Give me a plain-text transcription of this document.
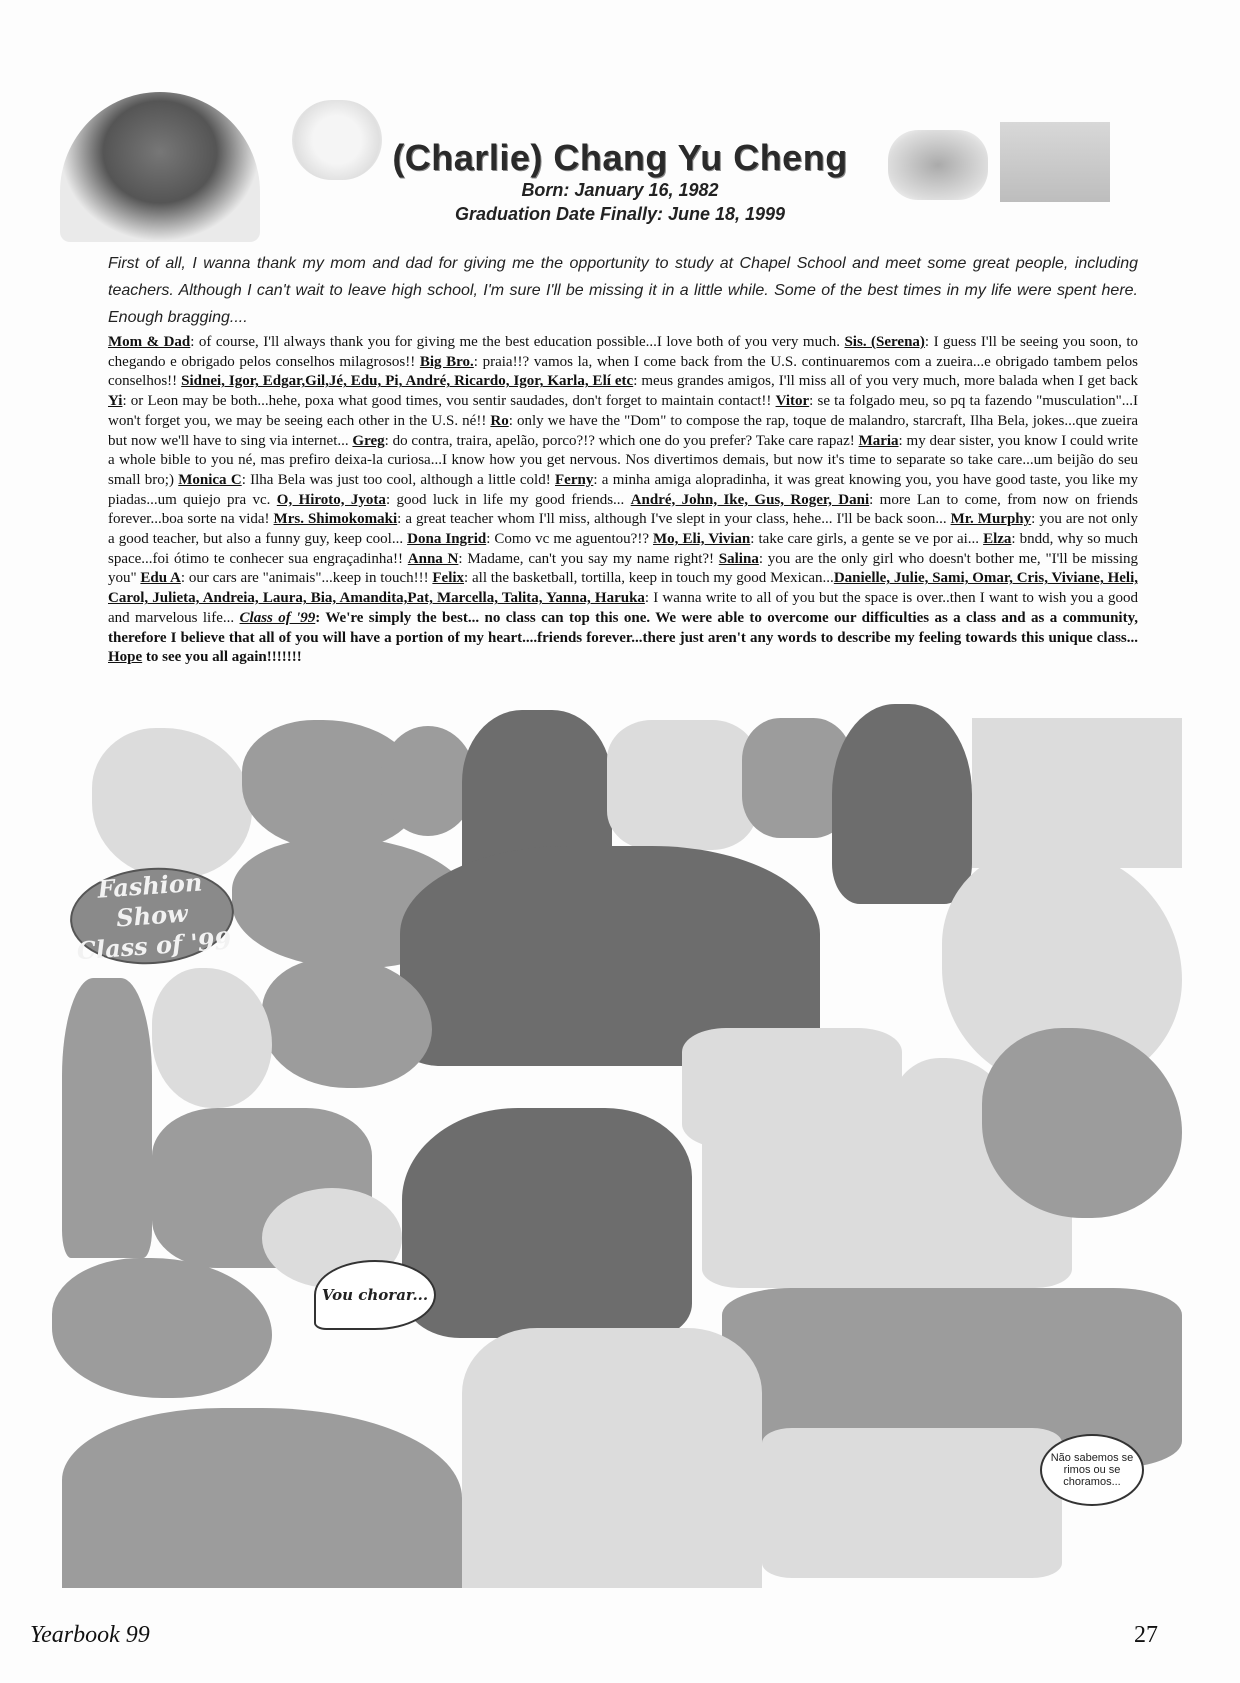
(Charlie) Chang Yu Cheng

Born: January 16, 1982

Graduation Date Finally: June 18, 1999

First of all, I wanna thank my mom and dad for giving me the opportunity to study at Chapel School and meet some great people, including teachers. Although I can't wait to leave high school, I'm sure I'll be missing it in a little while. Some of the best times in my life were spent here. Enough bragging....

Mom & Dad: of course, I'll always thank you for giving me the best education possible...I love both of you very much. Sis. (Serena): I guess I'll be seeing you soon, to chegando e obrigado pelos conselhos milagrosos!! Big Bro.: praia!!? vamos la, when I come back from the U.S. continuaremos com a zueira...e obrigado tambem pelos conselhos!! Sidnei, Igor, Edgar,Gil,Jé, Edu, Pi, André, Ricardo, Igor, Karla, Elí etc: meus grandes amigos, I'll miss all of you very much, more balada when I get back Yi: or Leon may be both...hehe, poxa what good times, vou sentir saudades, don't forget to maintain contact!! Vitor: se ta folgado meu, so pq ta fazendo "musculation"...I won't forget you, we may be seeing each other in the U.S. né!! Ro: only we have the "Dom" to compose the rap, toque de malandro, starcraft, Ilha Bela, jokes...que zueira but now we'll have to sing via internet... Greg: do contra, traira, apelão, porco?!? which one do you prefer? Take care rapaz! Maria: my dear sister, you know I could write a whole bible to you né, mas prefiro deixa-la curiosa...I know how you get nervous. Nos divertimos demais, but now it's time to separate so take care...um beijão do seu small bro;) Monica C: Ilha Bela was just too cool, although a little cold! Ferny: a minha amiga alopradinha, it was great knowing you, you have good taste, you like my piadas...um quiejo pra vc. O, Hiroto, Jyota: good luck in life my good friends... André, John, Ike, Gus, Roger, Dani: more Lan to come, from now on friends forever...boa sorte na vida! Mrs. Shimokomaki: a great teacher whom I'll miss, although I've slept in your class, hehe... I'll be back soon... Mr. Murphy: you are not only a good teacher, but also a funny guy, keep cool... Dona Ingrid: Como vc me aguentou?!? Mo, Eli, Vivian: take care girls, a gente se ve por ai... Elza: bndd, why so much space...foi ótimo te conhecer sua engraçadinha!! Anna N: Madame, can't you say my name right?! Salina: you are the only girl who doesn't bother me, "I'll be missing you" Edu A: our cars are "animais"...keep in touch!!! Felix: all the basketball, tortilla, keep in touch my good Mexican...Danielle, Julie, Sami, Omar, Cris, Viviane, Heli, Carol, Julieta, Andreia, Laura, Bia, Amandita,Pat, Marcella, Talita, Yanna, Haruka: I wanna write to all of you but the space is over..then I want to wish you a good and marvelous life... Class of '99: We're simply the best... no class can top this one. We were able to overcome our difficulties as a class and as a community, therefore I believe that all of you will have a portion of my heart....friends forever...there just aren't any words to describe my feeling towards this unique class... Hope to see you all again!!!!!!!

Fashion Show
Class of '99
Vou chorar...
Não sabemos se rimos ou se choramos...
Yearbook 99	27
